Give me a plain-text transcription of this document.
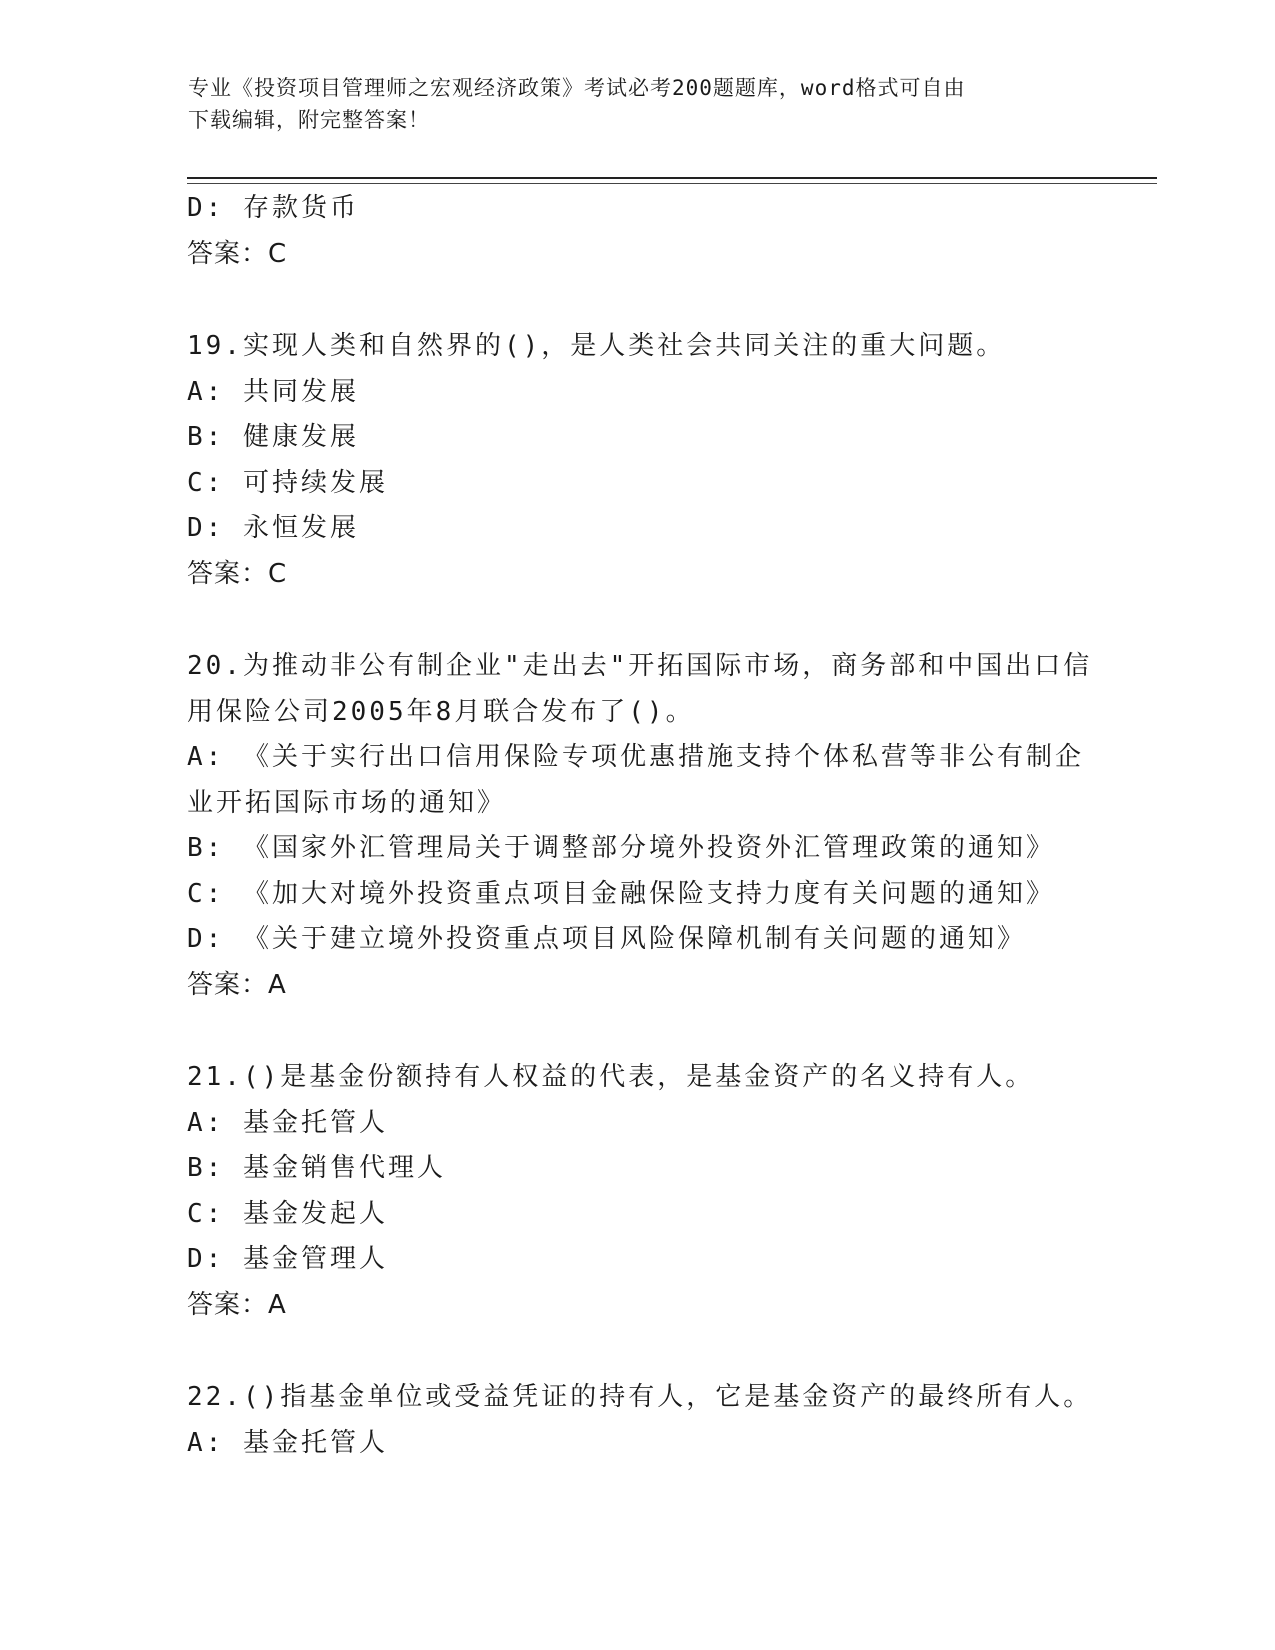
专业《投资项目管理师之宏观经济政策》考试必考200题题库，word格式可自由
下载编辑，附完整答案！
D: 存款货币
答案：C
19.实现人类和自然界的()，是人类社会共同关注的重大问题。
A: 共同发展
B: 健康发展
C: 可持续发展
D: 永恒发展
答案：C
20.为推动非公有制企业"走出去"开拓国际市场，商务部和中国出口信
用保险公司2005年8月联合发布了()。
A: 《关于实行出口信用保险专项优惠措施支持个体私营等非公有制企
业开拓国际市场的通知》
B: 《国家外汇管理局关于调整部分境外投资外汇管理政策的通知》
C: 《加大对境外投资重点项目金融保险支持力度有关问题的通知》
D: 《关于建立境外投资重点项目风险保障机制有关问题的通知》
答案：A
21.()是基金份额持有人权益的代表，是基金资产的名义持有人。
A: 基金托管人
B: 基金销售代理人
C: 基金发起人
D: 基金管理人
答案：A
22.()指基金单位或受益凭证的持有人，它是基金资产的最终所有人。
A: 基金托管人
